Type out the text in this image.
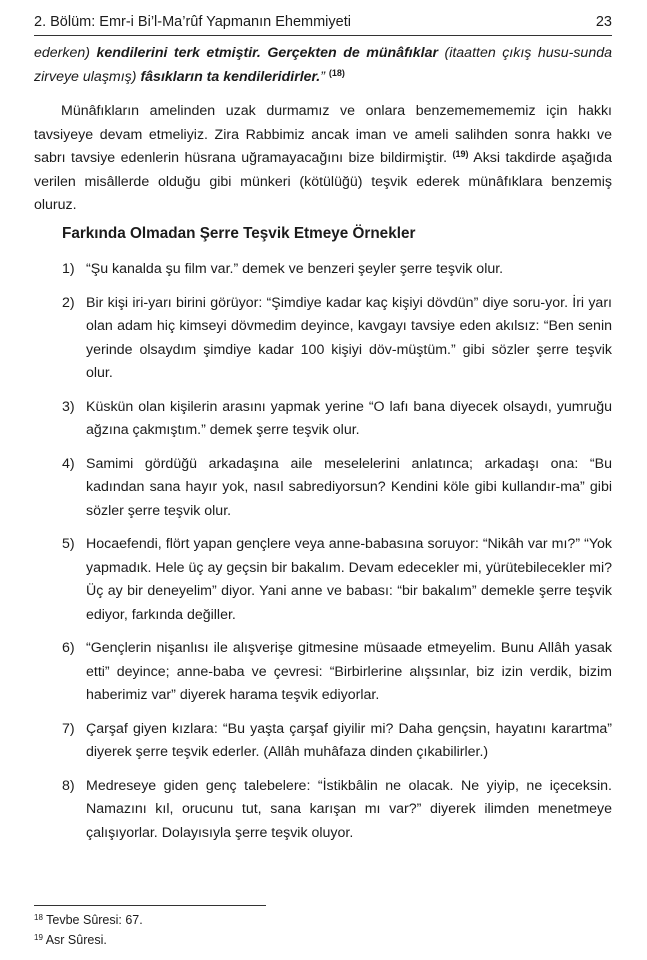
2. Bölüm: Emr-i Bi’l-Ma’rûf Yapmanın Ehemmiyeti	23

ederken) kendilerini terk etmiştir. Gerçekten de münâfıklar (itaatten çıkış husu-sunda zirveye ulaşmış) fâsıkların ta kendileridirler.” $^{(18)}$

Münâfıkların amelinden uzak durmamız ve onlara benzememememiz için hakkı tavsiyeye devam etmeliyiz. Zira Rabbimiz ancak iman ve ameli salihden sonra hakkı ve sabrı tavsiye edenlerin hüsrana uğramayacağını bize bildirmiştir. $^{(19)}$ Aksi takdirde aşağıda verilen misâllerde olduğu gibi münkeri (kötülüğü) teşvik ederek münâfıklara benzemiş oluruz.

Farkında Olmadan Şerre Teşvik Etmeye Örnekler
1) “Şu kanalda şu film var.” demek ve benzeri şeyler şerre teşvik olur.
2) Bir kişi iri-yarı birini görüyor: “Şimdiye kadar kaç kişiyi dövdün” diye soru-yor. İri yarı olan adam hiç kimseyi dövmedim deyince, kavgayı tavsiye eden akılsız: “Ben senin yerinde olsaydım şimdiye kadar 100 kişiyi döv-müştüm.” gibi sözler şerre teşvik olur.
3) Küskün olan kişilerin arasını yapmak yerine “O lafı bana diyecek olsaydı, yumruğu ağzına çakmıştım.” demek şerre teşvik olur.
4) Samimi gördüğü arkadaşına aile meselelerini anlatınca; arkadaşı ona: “Bu kadından sana hayır yok, nasıl sabrediyorsun? Kendini köle gibi kullandır-ma” gibi sözler şerre teşvik olur.
5) Hocaefendi, flört yapan gençlere veya anne-babasına soruyor: “Nikâh var mı?” “Yok yapmadık. Hele üç ay geçsin bir bakalım. Devam edecekler mi, yürütebilecekler mi? Üç ay bir deneyelim” diyor. Yani anne ve babası: “bir bakalım” demekle şerre teşvik ediyor, farkında değiller.
6) “Gençlerin nişanlısı ile alışverişe gitmesine müsaade etmeyelim. Bunu Allâh yasak etti” deyince; anne-baba ve çevresi: “Birbirlerine alışsınlar, biz izin verdik, bizim haberimiz var” diyerek harama teşvik ediyorlar.
7) Çarşaf giyen kızlara: “Bu yaşta çarşaf giyilir mi? Daha gençsin, hayatını karartma” diyerek şerre teşvik ederler. (Allâh muhâfaza dinden çıkabilirler.)
8) Medreseye giden genç talebelere: “İstikbâlin ne olacak. Ne yiyip, ne içeceksin. Namazını kıl, orucunu tut, sana karışan mı var?” diyerek ilimden menetmeye çalışıyorlar. Dolayısıyla şerre teşvik oluyor.
$^{18}$ Tevbe Sûresi: 67.
$^{19}$ Asr Sûresi.
